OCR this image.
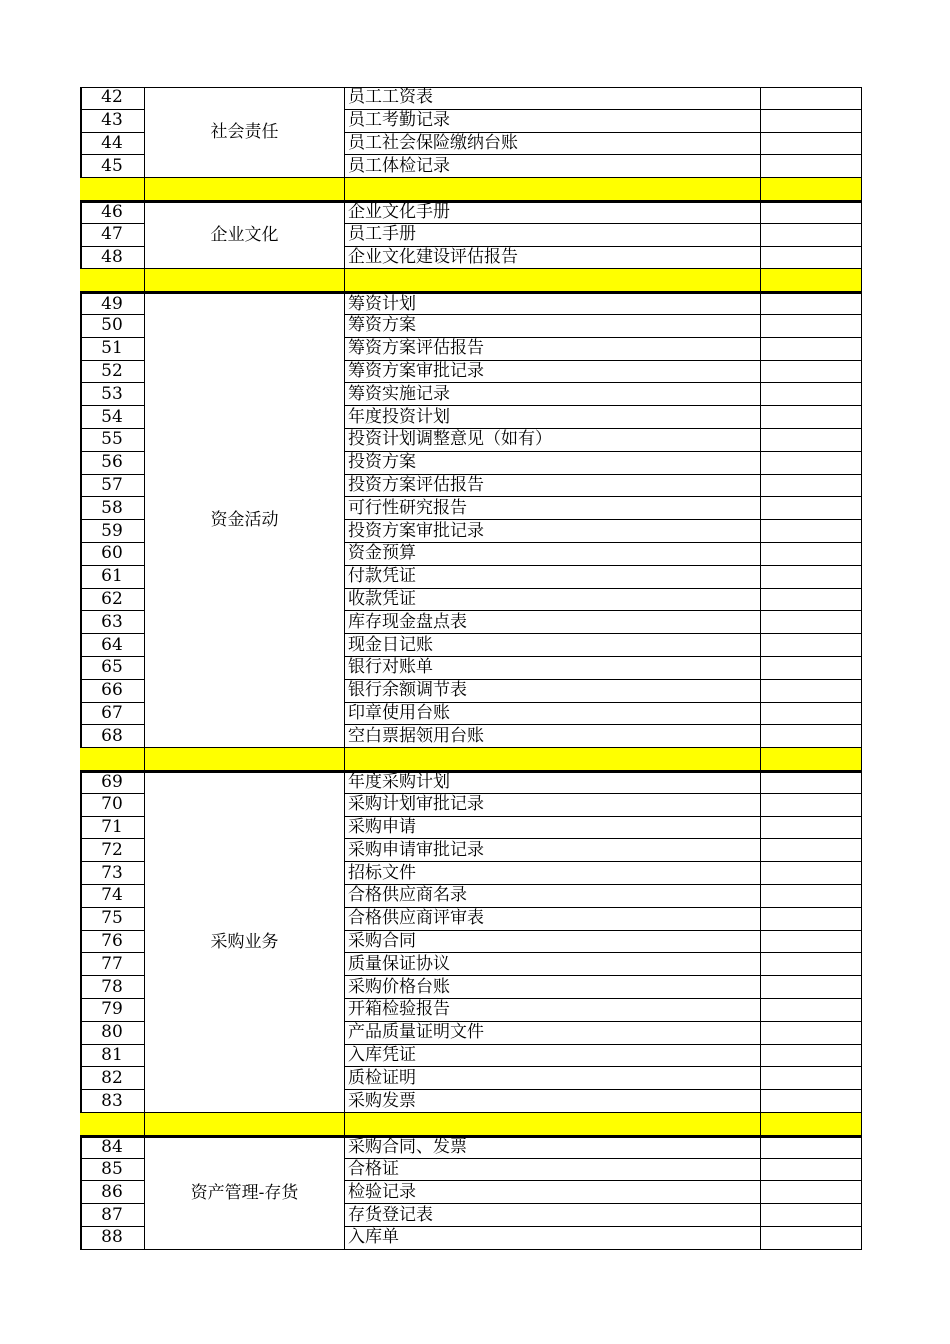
42	员工工资表
43	员工考勤记录
44	员工社会保险缴纳台账
45	员工体检记录
社会责任
46	企业文化手册
47	员工手册
48	企业文化建设评估报告
企业文化
49	筹资计划
50	筹资方案
51	筹资方案评估报告
52	筹资方案审批记录
53	筹资实施记录
54	年度投资计划
55	投资计划调整意见（如有）
56	投资方案
57	投资方案评估报告
58	可行性研究报告
59	投资方案审批记录
60	资金预算
61	付款凭证
62	收款凭证
63	库存现金盘点表
64	现金日记账
65	银行对账单
66	银行余额调节表
67	印章使用台账
68	空白票据领用台账
资金活动
69	年度采购计划
70	采购计划审批记录
71	采购申请
72	采购申请审批记录
73	招标文件
74	合格供应商名录
75	合格供应商评审表
76	采购合同
77	质量保证协议
78	采购价格台账
79	开箱检验报告
80	产品质量证明文件
81	入库凭证
82	质检证明
83	采购发票
采购业务
84	采购合同、发票
85	合格证
86	检验记录
87	存货登记表
88	入库单
资产管理-存货
